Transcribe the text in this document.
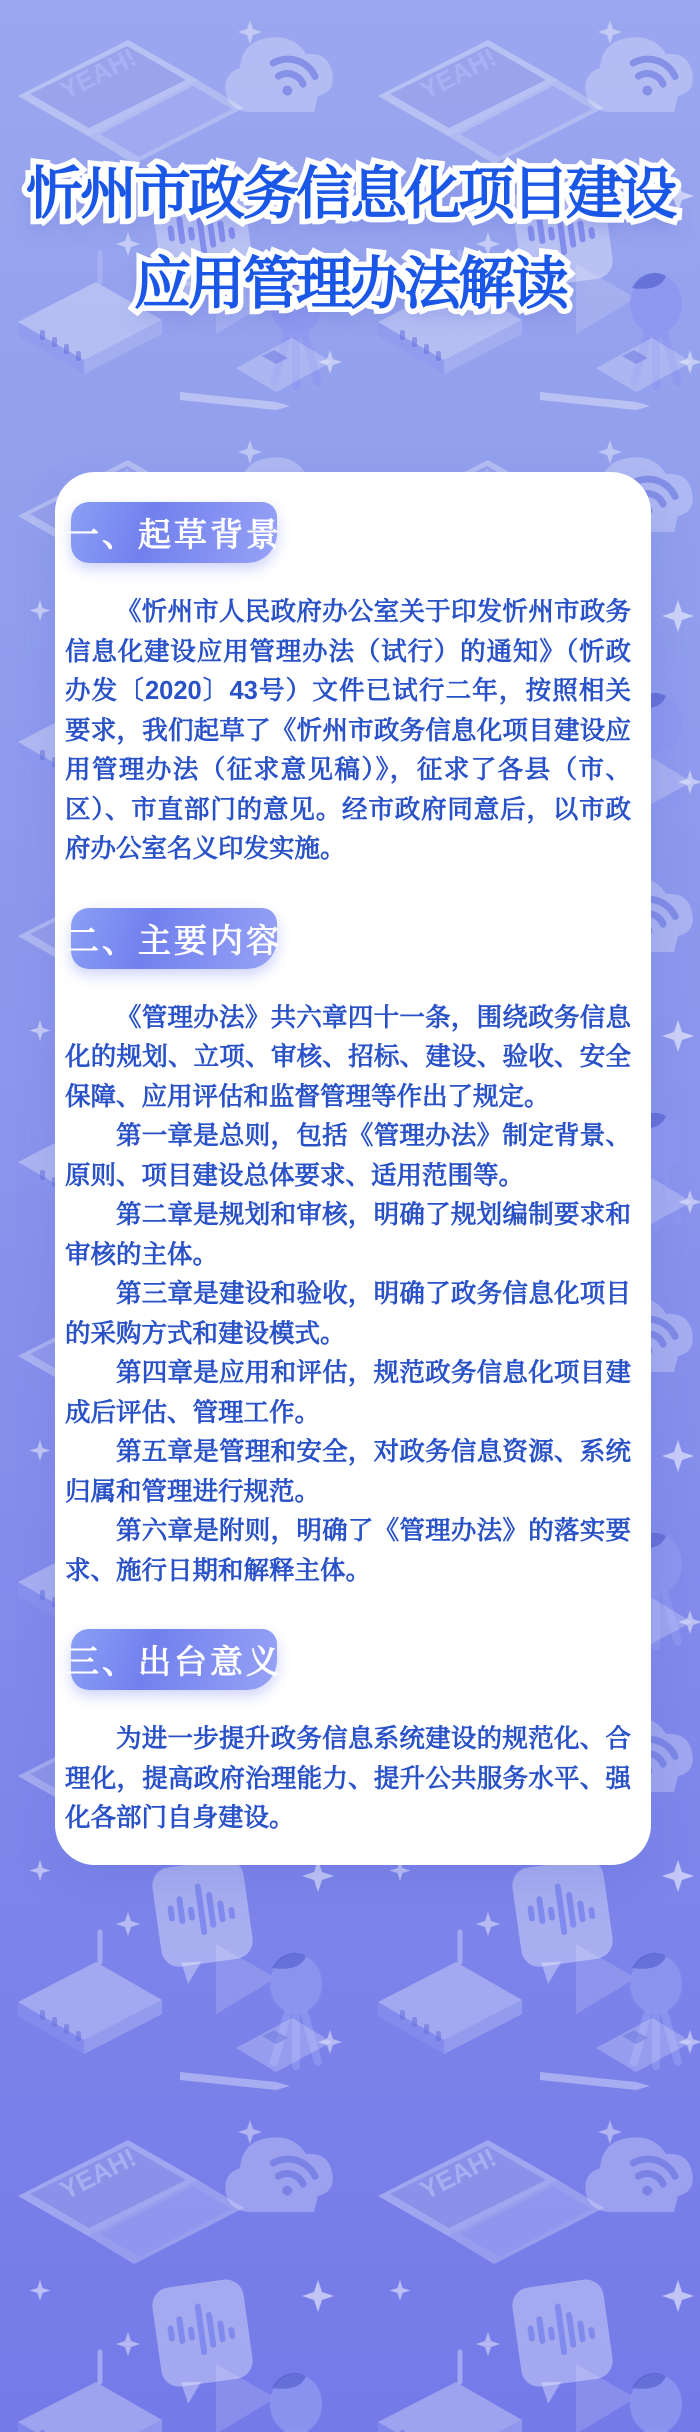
忻州市政务信息化项目建设 忻州市政务信息化项目建设
应用管理办法解读 应用管理办法解读
一、起草背景

《忻州市人民政府办公室关于印发忻州市政务信息化建设应用管理办法（试行）的通知》（忻政办发〔2020〕43号）文件已试行二年，按照相关要求，我们起草了《忻州市政务信息化项目建设应用管理办法（征求意见稿）》，征求了各县（市、区）、市直部门的意见。经市政府同意后，以市政府办公室名义印发实施。

二、主要内容

《管理办法》共六章四十一条，围绕政务信息化的规划、立项、审核、招标、建设、验收、安全保障、应用评估和监督管理等作出了规定。

第一章是总则，包括《管理办法》制定背景、原则、项目建设总体要求、适用范围等。

第二章是规划和审核，明确了规划编制要求和审核的主体。

第三章是建设和验收，明确了政务信息化项目的采购方式和建设模式。

第四章是应用和评估，规范政务信息化项目建成后评估、管理工作。

第五章是管理和安全，对政务信息资源、系统归属和管理进行规范。

第六章是附则，明确了《管理办法》的落实要求、施行日期和解释主体。

三、出台意义

为进一步提升政务信息系统建设的规范化、合理化，提高政府治理能力、提升公共服务水平、强化各部门自身建设。
